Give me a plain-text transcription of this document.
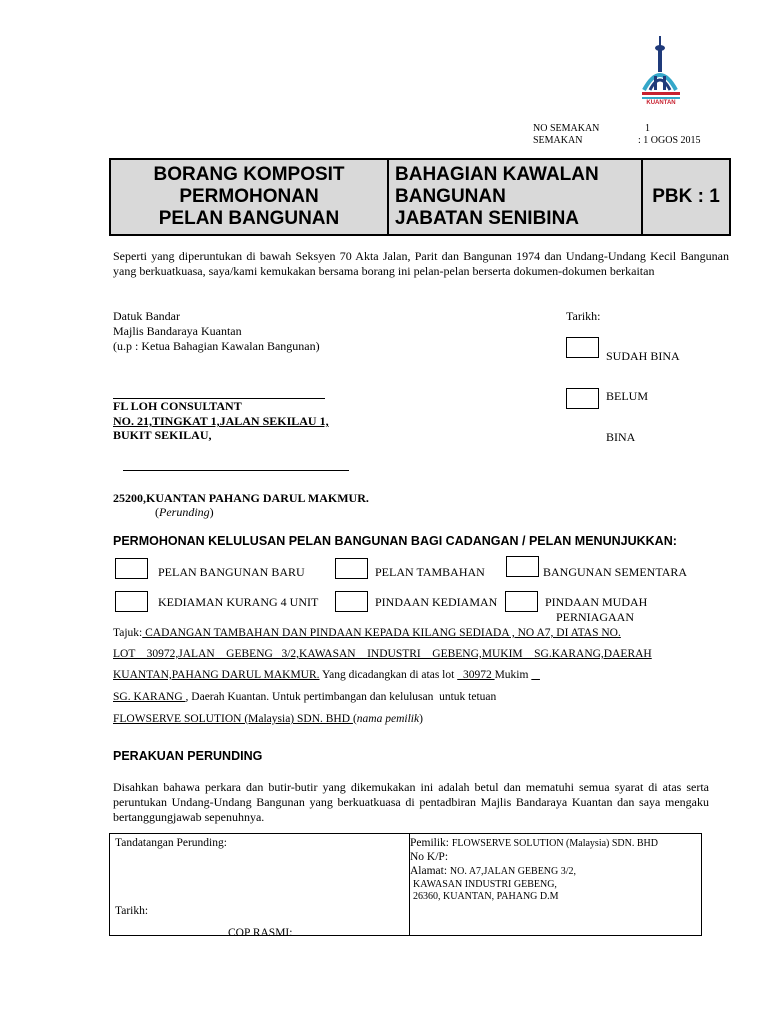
KUANTAN
NO SEMAKAN	1
SEMAKAN	: 1 OGOS 2015
BORANG KOMPOSIT
PERMOHONAN
PELAN BANGUNAN
BAHAGIAN KAWALAN
BANGUNAN
JABATAN SENIBINA
PBK : 1
Seperti yang diperuntukan di bawah Seksyen 70 Akta Jalan, Parit dan Bangunan 1974 dan Undang-Undang Kecil Bangunan yang berkuatkuasa, saya/kami kemukakan bersama borang ini pelan-pelan berserta dokumen-dokumen berkaitan
Datuk Bandar
Majlis Bandaraya Kuantan
(u.p : Ketua Bahagian Kawalan Bangunan)
Tarikh:
SUDAH BINA
BELUM
BINA
FL LOH CONSULTANT
NO. 21,TINGKAT 1,JALAN SEKILAU 1,
BUKIT SEKILAU,
25200,KUANTAN PAHANG DARUL MAKMUR.
(Perunding)
PERMOHONAN KELULUSAN PELAN BANGUNAN BAGI CADANGAN / PELAN MENUNJUKKAN:
PELAN BANGUNAN BARU	PELAN TAMBAHAN	BANGUNAN SEMENTARA
KEDIAMAN KURANG 4 UNIT	PINDAAN KEDIAMAN	PINDAAN MUDAH
PERNIAGAAN
Tajuk: CADANGAN TAMBAHAN DAN PINDAAN KEPADA KILANG SEDIADA , NO A7, DI ATAS NO.
LOT    30972,JALAN    GEBENG   3/2,KAWASAN    INDUSTRI    GEBENG,MUKIM    SG.KARANG,DAERAH
KUANTAN,PAHANG DARUL MAKMUR. Yang dicadangkan di atas lot   30972 Mukim
SG. KARANG , Daerah Kuantan. Untuk pertimbangan dan kelulusan  untuk tetuan
FLOWSERVE SOLUTION (Malaysia) SDN. BHD (nama pemilik)
PERAKUAN PERUNDING
Disahkan bahawa perkara dan butir-butir yang dikemukakan ini adalah betul dan mematuhi semua syarat di atas serta peruntukan Undang-Undang Bangunan yang berkuatkuasa di pentadbiran Majlis Bandaraya Kuantan dan saya mengaku bertanggungjawab sepenuhnya.
Tandatangan Perunding:
Tarikh:
COP RASMI:
Pemilik: FLOWSERVE SOLUTION (Malaysia) SDN. BHD
No K/P:
Alamat: NO. A7,JALAN GEBENG 3/2,
KAWASAN INDUSTRI GEBENG,
26360, KUANTAN, PAHANG D.M
